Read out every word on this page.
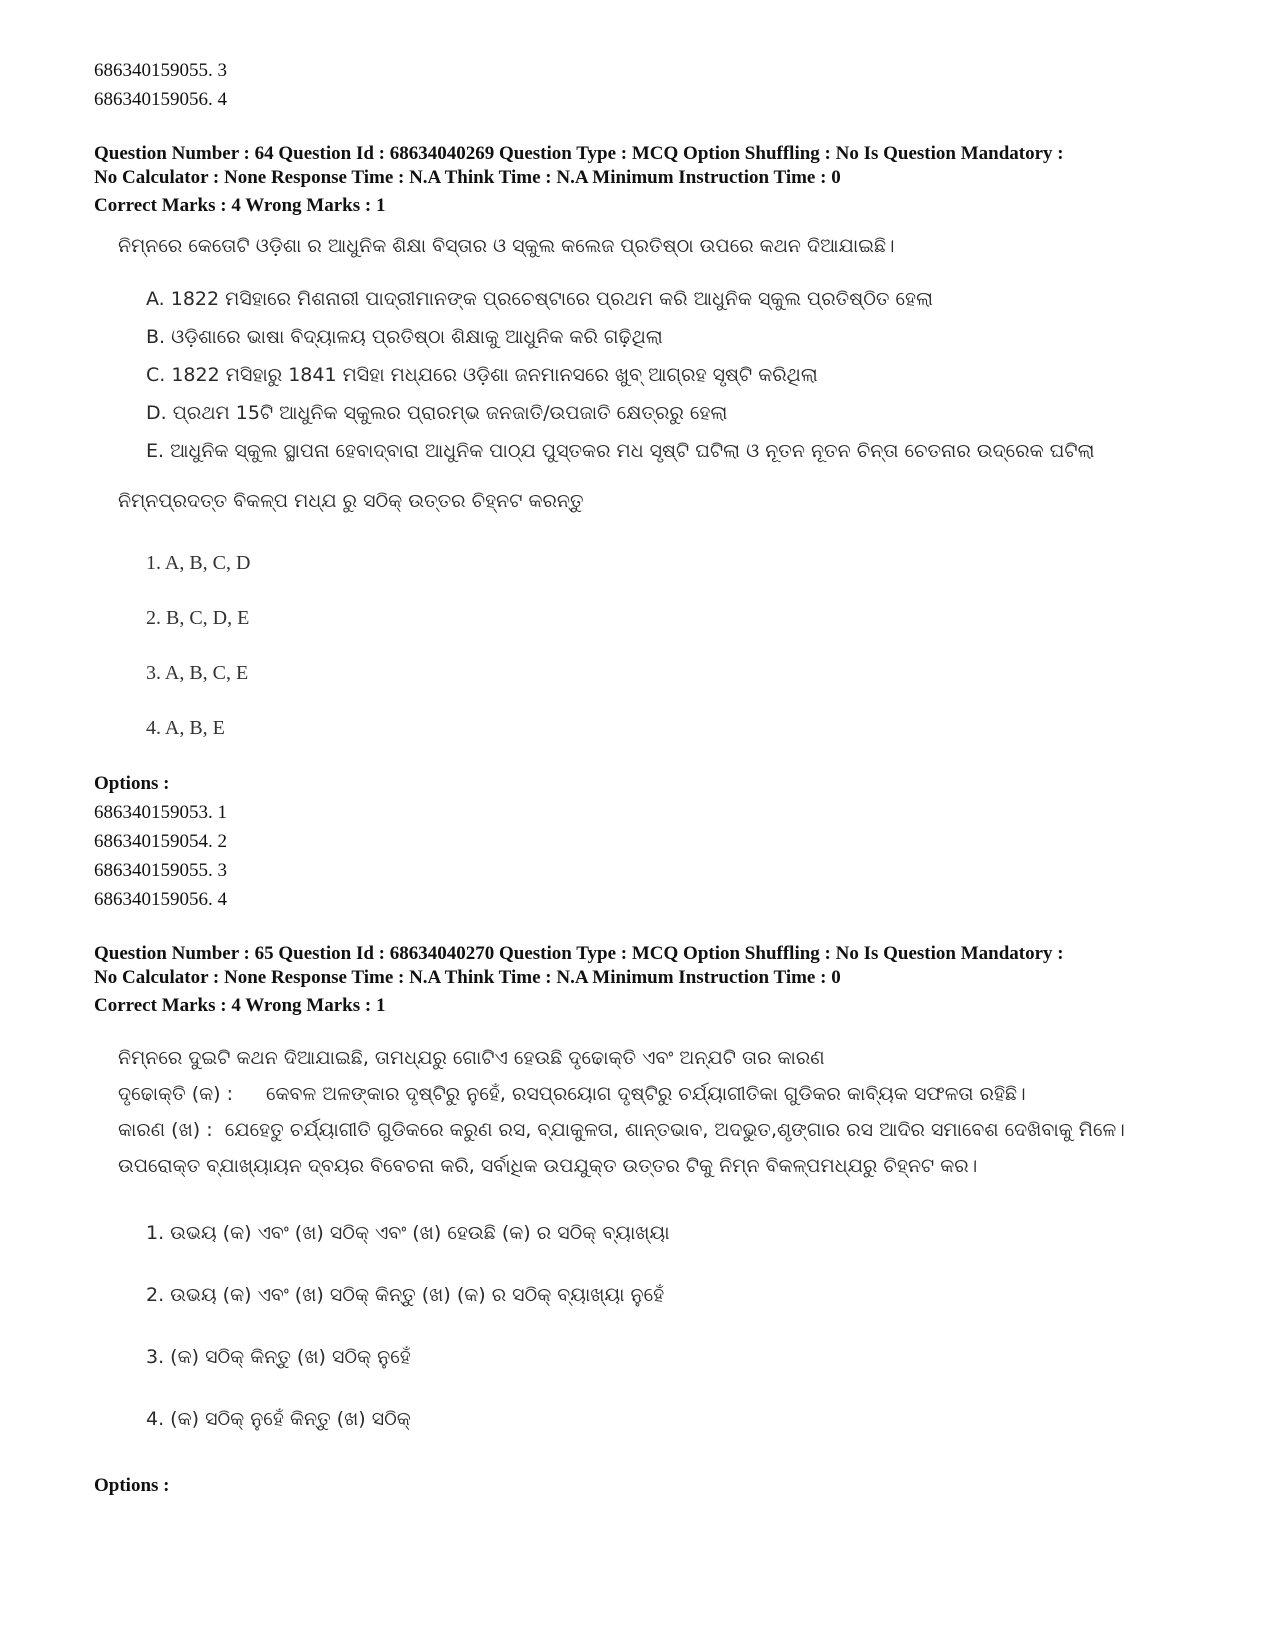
686340159055. 3
686340159056. 4
Question Number : 64 Question Id : 68634040269 Question Type : MCQ Option Shuffling : No Is Question Mandatory :
No Calculator : None Response Time : N.A Think Time : N.A Minimum Instruction Time : 0
Correct Marks : 4 Wrong Marks : 1
ନିମ୍ନରେ କେତୋଟି ଓଡ଼ିଶା ର ଆଧୁନିକ ଶିକ୍ଷା ବିସ୍ତାର ଓ ସ୍କୁଲ କଲେଜ ପ୍ରତିଷ୍ଠା ଉପରେ କଥନ ଦିଆଯାଇଛି।
A. 1822 ମସିହାରେ ମିଶନାରୀ ପାଦ୍ରୀମାନଙ୍କ ପ୍ରଚେଷ୍ଟାରେ ପ୍ରଥମ କରି ଆଧୁନିକ ସ୍କୁଲ ପ୍ରତିଷ୍ଠିତ ହେଲା
B. ଓଡ଼ିଶାରେ ଭାଷା ବିଦ୍ୟାଳୟ ପ୍ରତିଷ୍ଠା ଶିକ୍ଷାକୁ ଆଧୁନିକ କରି ଗଢ଼ିଥିଲା
C. 1822 ମସିହାରୁ 1841 ମସିହା ମଧ୍ଯରେ ଓଡ଼ିଶା ଜନମାନସରେ ଖୁବ୍ ଆଗ୍ରହ ସୃଷ୍ଟି କରିଥିଲା
D. ପ୍ରଥମ 15ଟି ଆଧୁନିକ ସ୍କୁଲର ପ୍ରାରମ୍ଭ ଜନଜାତି/ଉପଜାତି କ୍ଷେତ୍ରରୁ ହେଲା
E. ଆଧୁନିକ ସ୍କୁଲ ସ୍ଥାପନା ହେବାଦ୍ବାରା ଆଧୁନିକ ପାଠ୍ଯ ପୁସ୍ତକର ମଧ ସୃଷ୍ଟି ଘଟିଲା ଓ ନୂତନ ନୂତନ ଚିନ୍ତା ଚେତନାର ଉଦ୍ରେକ ଘଟିଲା
ନିମ୍ନପ୍ରଦତ୍ତ ବିକଳ୍ପ ମଧ୍ଯ ରୁ ସଠିକ୍ ଉତ୍ତର ଚିହ୍ନଟ କରନ୍ତୁ
1. A, B, C, D
2. B, C, D, E
3. A, B, C, E
4. A, B, E
Options :
686340159053. 1
686340159054. 2
686340159055. 3
686340159056. 4
Question Number : 65 Question Id : 68634040270 Question Type : MCQ Option Shuffling : No Is Question Mandatory :
No Calculator : None Response Time : N.A Think Time : N.A Minimum Instruction Time : 0
Correct Marks : 4 Wrong Marks : 1
ନିମ୍ନରେ ଦୁଇଟି କଥନ ଦିଆଯାଇଛି, ତାମଧ୍ଯରୁ ଗୋଟିଏ ହେଉଛି ଦୃଢୋକ୍ତି ଏବଂ ଅନ୍ଯଟି ତାର କାରଣ
ଦୃଢୋକ୍ତି (କ) : କେବଳ ଅଳଙ୍କାର ଦୃଷ୍ଟିରୁ ନୁହେଁ, ରସପ୍ରୟୋଗ ଦୃଷ୍ଟିରୁ ଚର୍ଯ୍ୟାଗୀତିକା ଗୁଡିକର କାବ୍ୟିକ ସଫଳତା ରହିଛି।
କାରଣ (ଖ) : ଯେହେତୁ ଚର୍ଯ୍ୟାଗୀତି ଗୁଡିକରେ କରୁଣ ରସ, ବ୍ଯାକୁଳତା, ଶାନ୍ତଭାବ, ଅଦଭୁତ,ଶୃଙ୍ଗାର ରସ ଆଦିର ସମାବେଶ ଦେଖିବାକୁ ମିଳେ।
ଉପରୋକ୍ତ ବ୍ଯାଖ୍ୟାୟନ ଦ୍ବୟର ବିବେଚନା କରି, ସର୍ବାଧିକ ଉପଯୁକ୍ତ ଉତ୍ତର ଟିକୁ ନିମ୍ନ ବିକଳ୍ପମଧ୍ଯରୁ ଚିହ୍ନଟ କର।
1. ଉଭୟ (କ) ଏବଂ (ଖ) ସଠିକ୍ ଏବଂ (ଖ) ହେଉଛି (କ) ର ସଠିକ୍ ବ୍ୟାଖ୍ୟା
2. ଉଭୟ (କ) ଏବଂ (ଖ) ସଠିକ୍ କିନ୍ତୁ (ଖ) (କ) ର ସଠିକ୍ ବ୍ୟାଖ୍ୟା ନୁହେଁ
3. (କ) ସଠିକ୍ କିନ୍ତୁ (ଖ) ସଠିକ୍ ନୁହେଁ
4. (କ) ସଠିକ୍ ନୁହେଁ କିନ୍ତୁ (ଖ) ସଠିକ୍
Options :
